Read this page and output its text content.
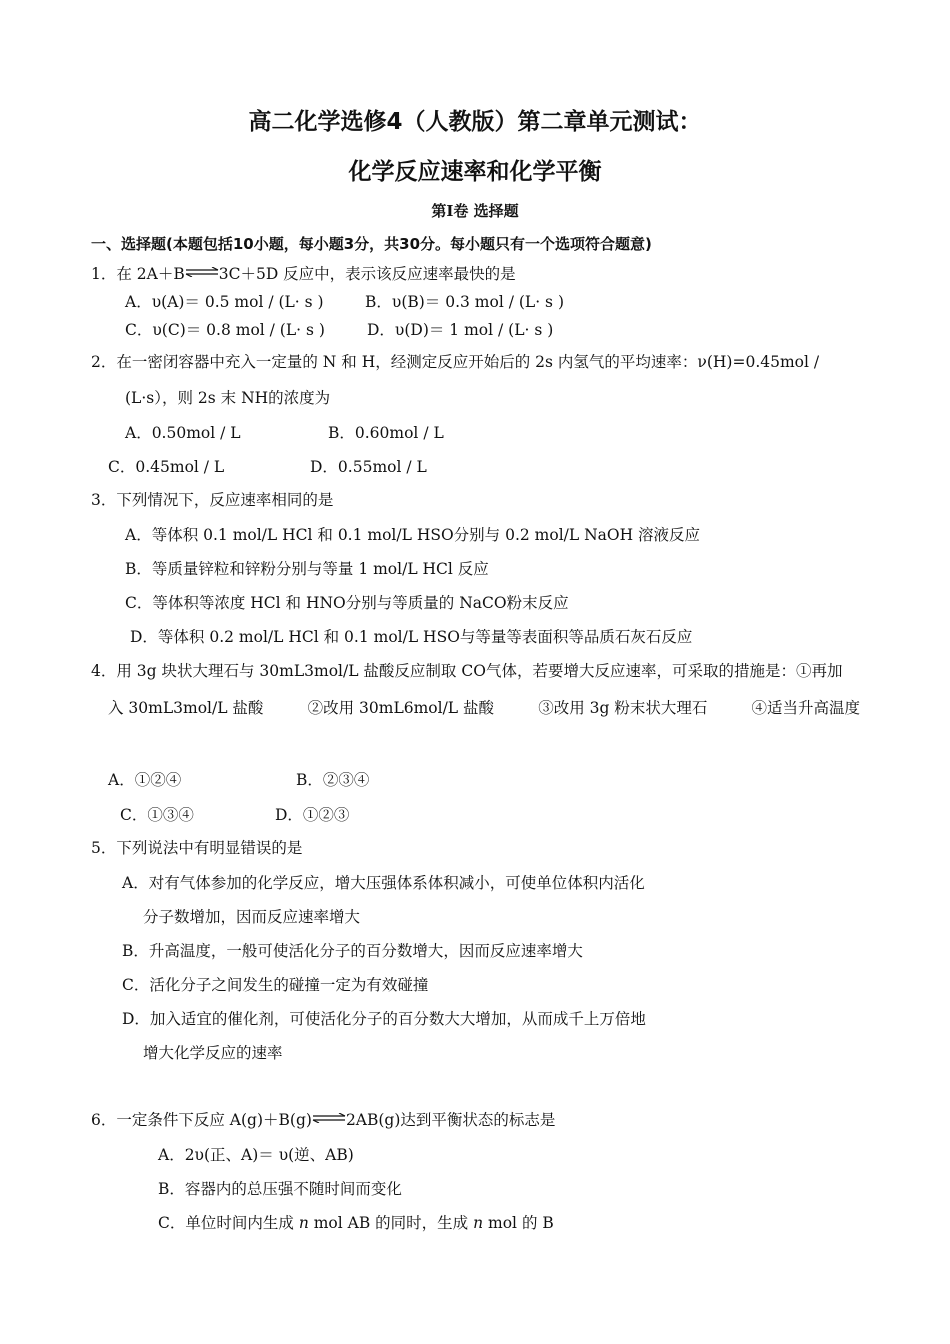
高二化学选修4（人教版）第二章单元测试：
化学反应速率和化学平衡
第Ⅰ卷 选择题
一、选择题(本题包括10小题，每小题3分，共30分。每小题只有一个选项符合题意)
1．在 2A＋B⇌3C＋5D 反应中，表示该反应速率最快的是
A．υ(A)＝ 0.5 mol / (L· s )	B．υ(B)＝ 0.3 mol / (L· s )
C．υ(C)＝ 0.8 mol / (L· s )	D．υ(D)＝ 1 mol / (L· s )
2．在一密闭容器中充入一定量的 N 和 H，经测定反应开始后的 2s 内氢气的平均速率：ν(H)=0.45mol /
(L·s），则 2s 末 NH的浓度为
A．0.50mol / L	B．0.60mol / L
C．0.45mol / L	D．0.55mol / L
3．下列情况下，反应速率相同的是
A．等体积 0.1 mol/L HCl 和 0.1 mol/L HSO分别与 0.2 mol/L NaOH 溶液反应
B．等质量锌粒和锌粉分别与等量 1 mol/L HCl 反应
C．等体积等浓度 HCl 和 HNO分别与等质量的 NaCO粉末反应
D．等体积 0.2 mol/L HCl 和 0.1 mol/L HSO与等量等表面积等品质石灰石反应
4．用 3g 块状大理石与 30mL3mol/L 盐酸反应制取 CO气体，若要增大反应速率，可采取的措施是：①再加
入 30mL3mol/L 盐酸	②改用 30mL6mol/L 盐酸	③改用 3g 粉末状大理石	④适当升高温度
A．①②④	B．②③④
C．①③④	D．①②③
5．下列说法中有明显错误的是
A．对有气体参加的化学反应，增大压强体系体积减小，可使单位体积内活化
分子数增加，因而反应速率增大
B．升高温度，一般可使活化分子的百分数增大，因而反应速率增大
C．活化分子之间发生的碰撞一定为有效碰撞
D．加入适宜的催化剂，可使活化分子的百分数大大增加，从而成千上万倍地
增大化学反应的速率
6．一定条件下反应 A(g)＋B(g)⇌2AB(g)达到平衡状态的标志是
A．2υ(正、A)＝ υ(逆、AB)
B．容器内的总压强不随时间而变化
C．单位时间内生成 n mol AB 的同时，生成 n mol 的 B
